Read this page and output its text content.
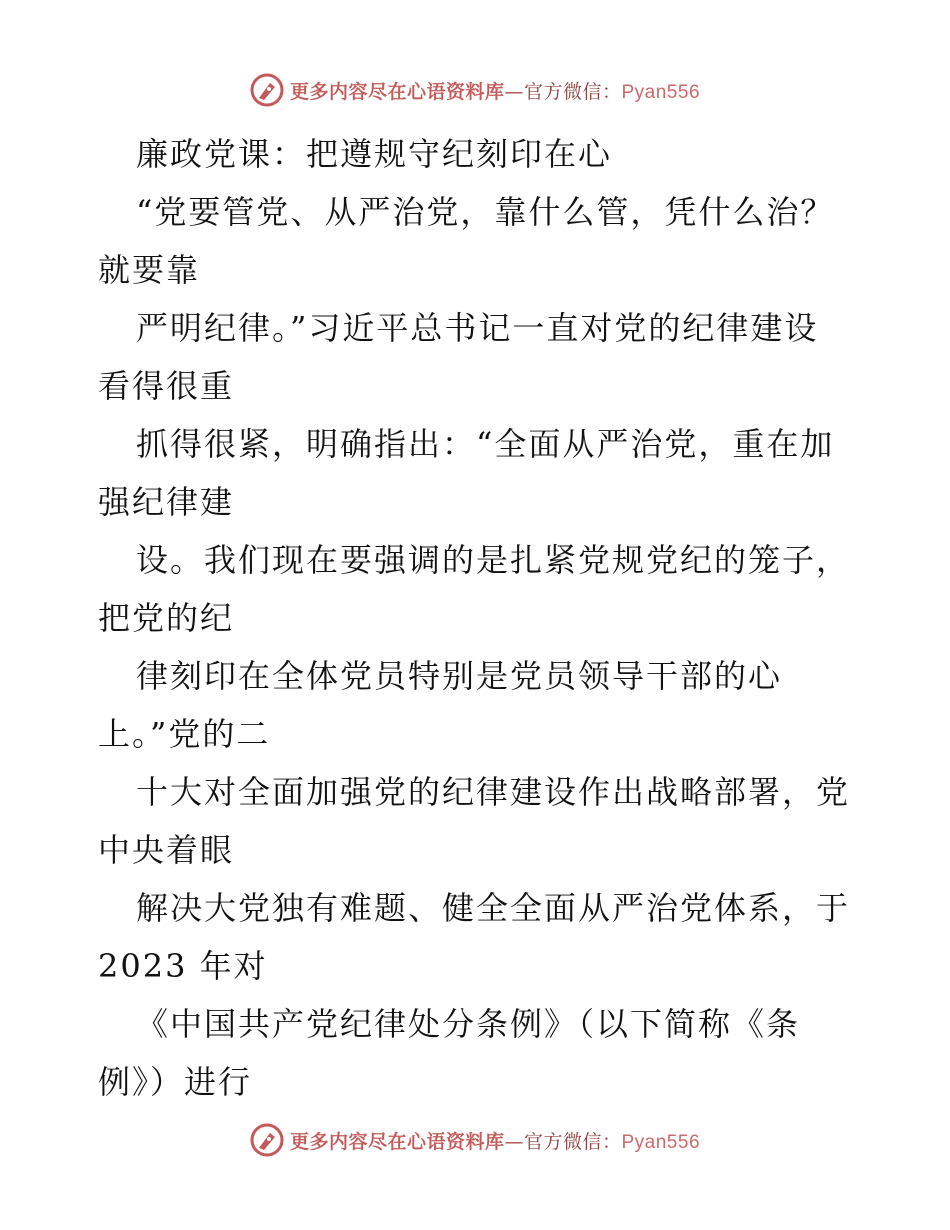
更多内容尽在心语资料库—官方微信：Pyan556
廉政党课：把遵规守纪刻印在心
“党要管党、从严治党，靠什么管，凭什么治？
就要靠
严明纪律。”习近平总书记一直对党的纪律建设
看得很重
抓得很紧，明确指出：“全面从严治党，重在加
强纪律建
设。我们现在要强调的是扎紧党规党纪的笼子，
把党的纪
律刻印在全体党员特别是党员领导干部的心
上。”党的二
十大对全面加强党的纪律建设作出战略部署，党
中央着眼
解决大党独有难题、健全全面从严治党体系，于
2023 年对
《中国共产党纪律处分条例》（以下简称《条
例》）进行
更多内容尽在心语资料库—官方微信：Pyan556
